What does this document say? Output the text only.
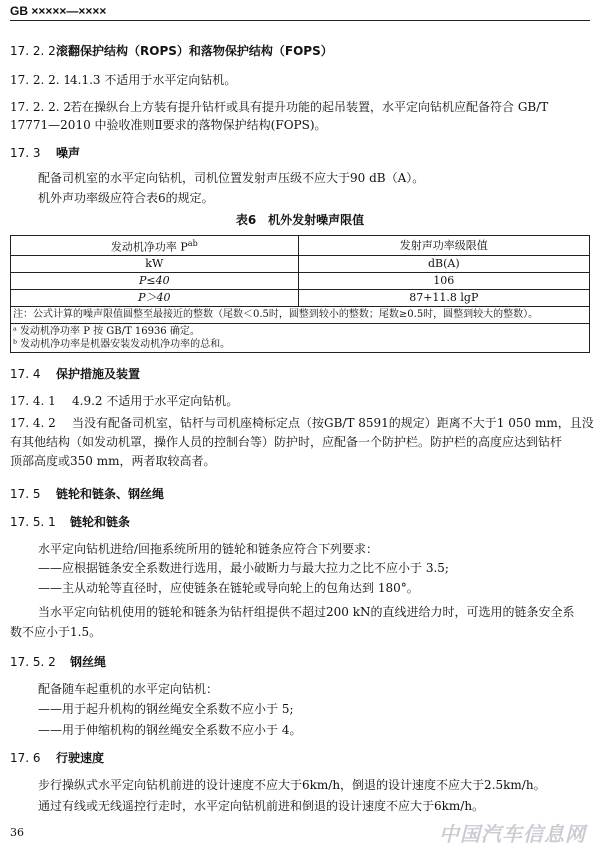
GB ×××××—××××
17. 2. 2滚翻保护结构（ROPS）和落物保护结构（FOPS）
17. 2. 2. 14.1.3 不适用于水平定向钻机。
17. 2. 2. 2若在操纵台上方装有提升钻杆或具有提升功能的起吊装置，水平定向钻机应配备符合 GB/T
17771—2010 中验收准则Ⅱ要求的落物保护结构(FOPS)。
17. 3 噪声
配备司机室的水平定向钻机，司机位置发射声压级不应大于90 dB（A）。
机外声功率级应符合表6的规定。
表6　机外发射噪声限值
发动机净功率 $P^{ab}$	发射声功率级限值
kW	dB(A)
P≤40	106
P＞40	87+11.8 lgP
注：公式计算的噪声限值圆整至最接近的整数（尾数＜0.5时，圆整到较小的整数；尾数≥0.5时，圆整到较大的整数）。	

ᵃ 发动机净功率 P 按 GB/T 16936 确定。
ᵇ 发动机净功率是机器安装发动机净功率的总和。	
17. 4 保护措施及装置
17. 4. 1 4.9.2 不适用于水平定向钻机。
17. 4. 2 当没有配备司机室，钻杆与司机座椅标定点（按GB/T 8591的规定）距离不大于1 050 mm，且没
有其他结构（如发动机罩，操作人员的控制台等）防护时，应配备一个防护栏。防护栏的高度应达到钻杆
顶部高度或350 mm，两者取较高者。
17. 5 链轮和链条、钢丝绳
17. 5. 1 链轮和链条
水平定向钻机进给/回拖系统所用的链轮和链条应符合下列要求：
——应根据链条安全系数进行选用，最小破断力与最大拉力之比不应小于 3.5;
——主从动轮等直径时，应使链条在链轮或导向轮上的包角达到 180°。
当水平定向钻机使用的链轮和链条为钻杆组提供不超过200 kN的直线进给力时，可选用的链条安全系
数不应小于1.5。
17. 5. 2 钢丝绳
配备随车起重机的水平定向钻机：
——用于起升机构的钢丝绳安全系数不应小于 5;
——用于伸缩机构的钢丝绳安全系数不应小于 4。
17. 6 行驶速度
步行操纵式水平定向钻机前进的设计速度不应大于6km/h，倒退的设计速度不应大于2.5km/h。
通过有线或无线遥控行走时，水平定向钻机前进和倒退的设计速度不应大于6km/h。
36	中国汽车信息网
